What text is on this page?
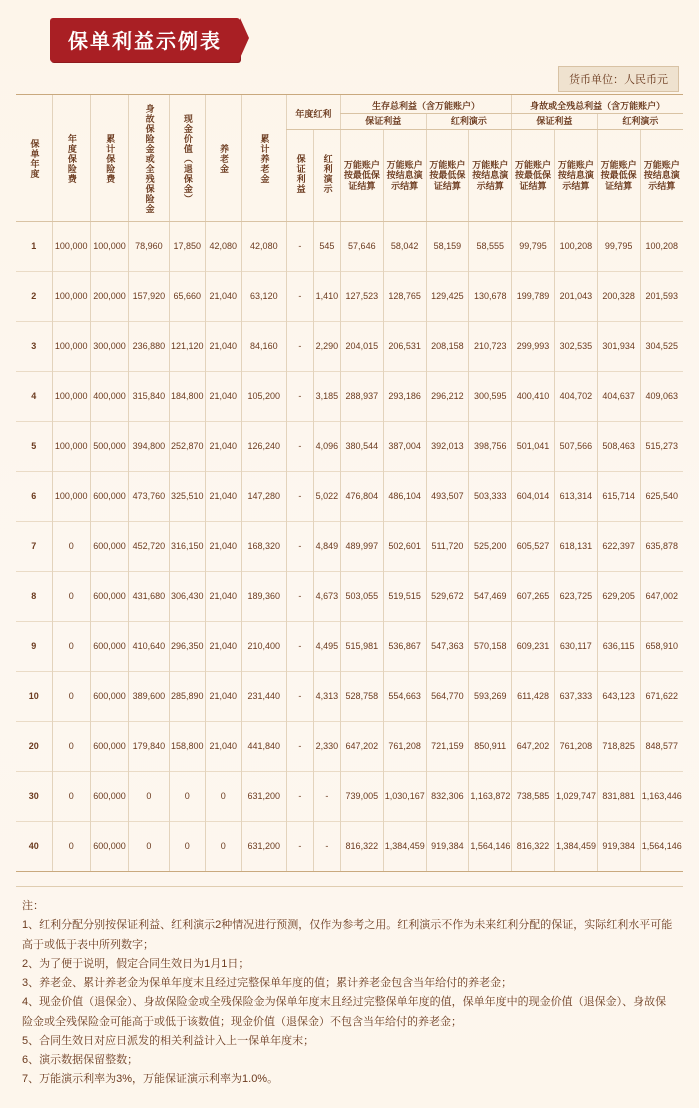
保单利益示例表
货币单位：人民币元
保单年度	年度保险费	累计保险费	身故保险金或全残保险金	现金价值（退保金）	养老金	累计养老金	年度红利		生存总利益（含万能账户）				身故或全残总利益（含万能账户）			
									保证利益		红利演示		保证利益		红利演示	
							保证利益	红利演示	万能账户按最低保证结算	万能账户按结息演示结算	万能账户按最低保证结算	万能账户按结息演示结算	万能账户按最低保证结算	万能账户按结息演示结算	万能账户按最低保证结算	万能账户按结息演示结算

1	100,000	100,000	78,960	17,850	42,080	42,080	-	545	57,646	58,042	58,159	58,555	99,795	100,208	99,795	100,208
2	100,000	200,000	157,920	65,660	21,040	63,120	-	1,410	127,523	128,765	129,425	130,678	199,789	201,043	200,328	201,593
3	100,000	300,000	236,880	121,120	21,040	84,160	-	2,290	204,015	206,531	208,158	210,723	299,993	302,535	301,934	304,525
4	100,000	400,000	315,840	184,800	21,040	105,200	-	3,185	288,937	293,186	296,212	300,595	400,410	404,702	404,637	409,063
5	100,000	500,000	394,800	252,870	21,040	126,240	-	4,096	380,544	387,004	392,013	398,756	501,041	507,566	508,463	515,273
6	100,000	600,000	473,760	325,510	21,040	147,280	-	5,022	476,804	486,104	493,507	503,333	604,014	613,314	615,714	625,540
7	0	600,000	452,720	316,150	21,040	168,320	-	4,849	489,997	502,601	511,720	525,200	605,527	618,131	622,397	635,878
8	0	600,000	431,680	306,430	21,040	189,360	-	4,673	503,055	519,515	529,672	547,469	607,265	623,725	629,205	647,002
9	0	600,000	410,640	296,350	21,040	210,400	-	4,495	515,981	536,867	547,363	570,158	609,231	630,117	636,115	658,910
10	0	600,000	389,600	285,890	21,040	231,440	-	4,313	528,758	554,663	564,770	593,269	611,428	637,333	643,123	671,622
20	0	600,000	179,840	158,800	21,040	441,840	-	2,330	647,202	761,208	721,159	850,911	647,202	761,208	718,825	848,577
30	0	600,000	0	0	0	631,200	-	-	739,005	1,030,167	832,306	1,163,872	738,585	1,029,747	831,881	1,163,446
40	0	600,000	0	0	0	631,200	-	-	816,322	1,384,459	919,384	1,564,146	816,322	1,384,459	919,384	1,564,146
注：
1、红利分配分别按保证利益、红利演示2种情况进行预测，仅作为参考之用。红利演示不作为未来红利分配的保证，实际红利水平可能高于或低于表中所列数字；
2、为了便于说明，假定合同生效日为1月1日；
3、养老金、累计养老金为保单年度末且经过完整保单年度的值；累计养老金包含当年给付的养老金；
4、现金价值（退保金）、身故保险金或全残保险金为保单年度末且经过完整保单年度的值，保单年度中的现金价值（退保金）、身故保险金或全残保险金可能高于或低于该数值；现金价值（退保金）不包含当年给付的养老金；
5、合同生效日对应日派发的相关利益计入上一保单年度末；
6、演示数据保留整数；
7、万能演示利率为3%，万能保证演示利率为1.0%。
